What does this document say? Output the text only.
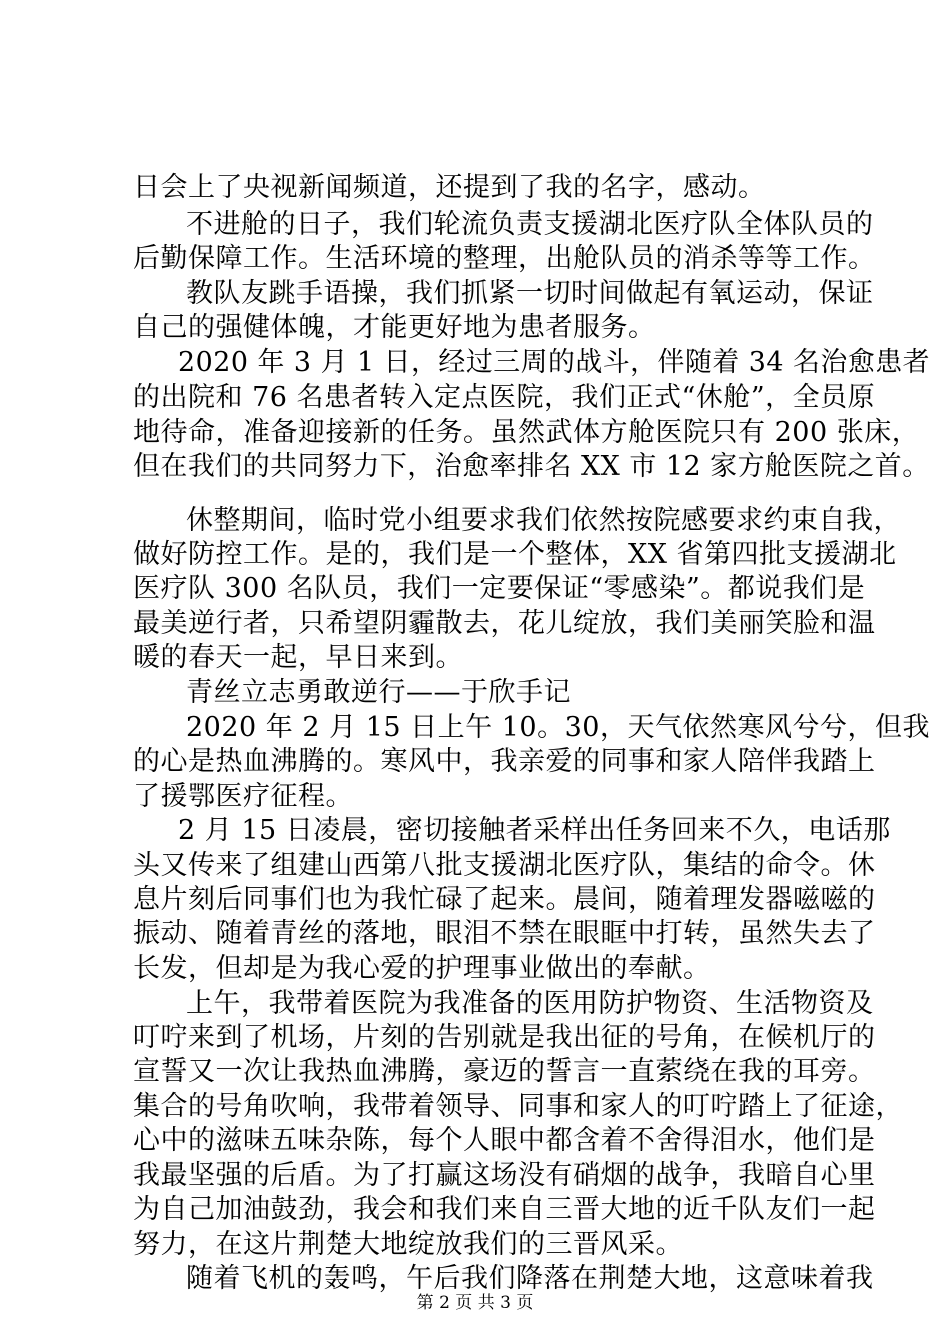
日会上了央视新闻频道，还提到了我的名字，感动。
不进舱的日子，我们轮流负责支援湖北医疗队全体队员的
后勤保障工作。生活环境的整理，出舱队员的消杀等等工作。
教队友跳手语操，我们抓紧一切时间做起有氧运动，保证
自己的强健体魄，才能更好地为患者服务。
2020 年 3 月 1 日，经过三周的战斗，伴随着 34 名治愈患者
的出院和 76 名患者转入定点医院，我们正式“休舱”，全员原
地待命，准备迎接新的任务。虽然武体方舱医院只有 200 张床，
但在我们的共同努力下，治愈率排名 XX 市 12 家方舱医院之首。
休整期间，临时党小组要求我们依然按院感要求约束自我，
做好防控工作。是的，我们是一个整体，XX 省第四批支援湖北
医疗队 300 名队员，我们一定要保证“零感染”。都说我们是
最美逆行者，只希望阴霾散去，花儿绽放，我们美丽笑脸和温
暖的春天一起，早日来到。
青丝立志勇敢逆行——于欣手记
2020 年 2 月 15 日上午 10。30，天气依然寒风兮兮，但我
的心是热血沸腾的。寒风中，我亲爱的同事和家人陪伴我踏上
了援鄂医疗征程。
2 月 15 日凌晨，密切接触者采样出任务回来不久，电话那
头又传来了组建山西第八批支援湖北医疗队，集结的命令。休
息片刻后同事们也为我忙碌了起来。晨间，随着理发器嗞嗞的
振动、随着青丝的落地，眼泪不禁在眼眶中打转，虽然失去了
长发，但却是为我心爱的护理事业做出的奉献。
上午，我带着医院为我准备的医用防护物资、生活物资及
叮咛来到了机场，片刻的告别就是我出征的号角，在候机厅的
宣誓又一次让我热血沸腾，豪迈的誓言一直萦绕在我的耳旁。
集合的号角吹响，我带着领导、同事和家人的叮咛踏上了征途，
心中的滋味五味杂陈，每个人眼中都含着不舍得泪水，他们是
我最坚强的后盾。为了打赢这场没有硝烟的战争，我暗自心里
为自己加油鼓劲，我会和我们来自三晋大地的近千队友们一起
努力，在这片荆楚大地绽放我们的三晋风采。
随着飞机的轰鸣，午后我们降落在荆楚大地，这意味着我
第 2 页 共 3 页
